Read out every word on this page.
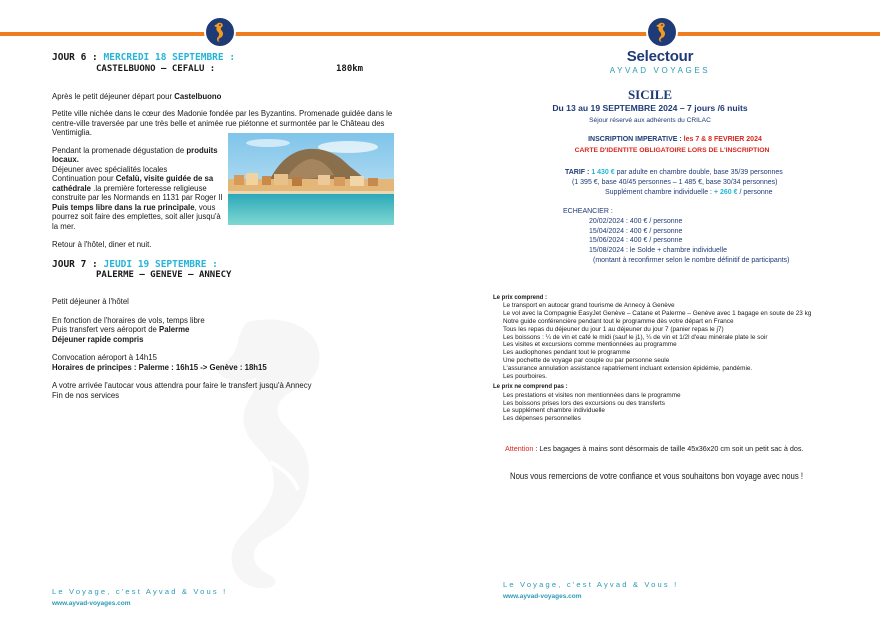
Selectour
AYVAD VOYAGES
JOUR 6 : MERCREDI 18 SEPTEMBRE :
CASTELBUONO – CEFALU :	180km
Après le petit déjeuner départ pour Castelbuono
Petite ville nichée dans le cœur des Madonie fondée par les Byzantins. Promenade guidée dans le centre-ville traversée par une très belle et animée rue piétonne et surmontée par le Château des Ventimiglia.
Pendant la promenade dégustation de produits locaux.
Déjeuner avec spécialités locales
Continuation pour Cefalù, visite guidée de sa cathédrale .la première forteresse religieuse construite par les Normands en 1131 par Roger II
Puis temps libre dans la rue principale, vous pourrez soit faire des emplettes, soit aller jusqu'à la mer.
Retour à l'hôtel, diner et nuit.
JOUR 7 : JEUDI 19 SEPTEMBRE :
PALERME – GENEVE – ANNECY
Petit déjeuner à l'hôtel
En fonction de l'horaires de vols, temps libre
Puis transfert vers aéroport de Palerme
Déjeuner rapide compris
Convocation aéroport à 14h15
Horaires de principes : Palerme : 16h15 -> Genève : 18h15
A votre arrivée l'autocar vous attendra pour faire le transfert jusqu'à Annecy
Fin de nos services
Le Voyage, c'est Ayvad & Vous !
www.ayvad-voyages.com
SICILE
Du 13 au 19 SEPTEMBRE 2024 – 7 jours /6 nuits
Séjour réservé aux adhérents du CRILAC
INSCRIPTION IMPERATIVE : les 7 & 8 FEVRIER 2024
CARTE D'IDENTITE OBLIGATOIRE LORS DE L'INSCRIPTION
TARIF : 1 430 € par adulte en chambre double, base 35/39 personnes
(1 395 €, base 40/45 personnes – 1 485 €, base 30/34 personnes)
Supplément chambre individuelle : + 260 € / personne
ECHEANCIER :
20/02/2024 : 400 € / personne
15/04/2024 : 400 € / personne
15/06/2024 : 400 € / personne
15/08/2024 : le Solde + chambre individuelle
(montant à reconfirmer selon le nombre définitif de participants)
Le prix comprend :
Le transport en autocar grand tourisme de Annecy à Genève
Le vol avec la Compagnie EasyJet Genève – Catane et Palerme – Genève avec 1 bagage en soute de 23 kg
Notre guide conférencière pendant tout le programme dès votre départ en France
Tous les repas du déjeuner du jour 1 au déjeuner du jour 7 (panier repas le j7)
Les boissons : ¼ de vin et café le midi (sauf le j1), ¼ de vin et 1/2l d'eau minérale plate le soir
Les visites et excursions comme mentionnées au programme
Les audiophones pendant tout le programme
Une pochette de voyage par couple ou par personne seule
L'assurance annulation assistance rapatriement incluant extension épidémie, pandémie.
Les pourboires.
Le prix ne comprend pas :
Les prestations et visites non mentionnées dans le programme
Les boissons prises lors des excursions ou des transferts
Le supplément chambre individuelle
Les dépenses personnelles
Attention : Les bagages à mains sont désormais de taille 45x36x20 cm soit un petit sac à dos.
Nous vous remercions de votre confiance et vous souhaitons bon voyage avec nous !
Le Voyage, c'est Ayvad & Vous !
www.ayvad-voyages.com
